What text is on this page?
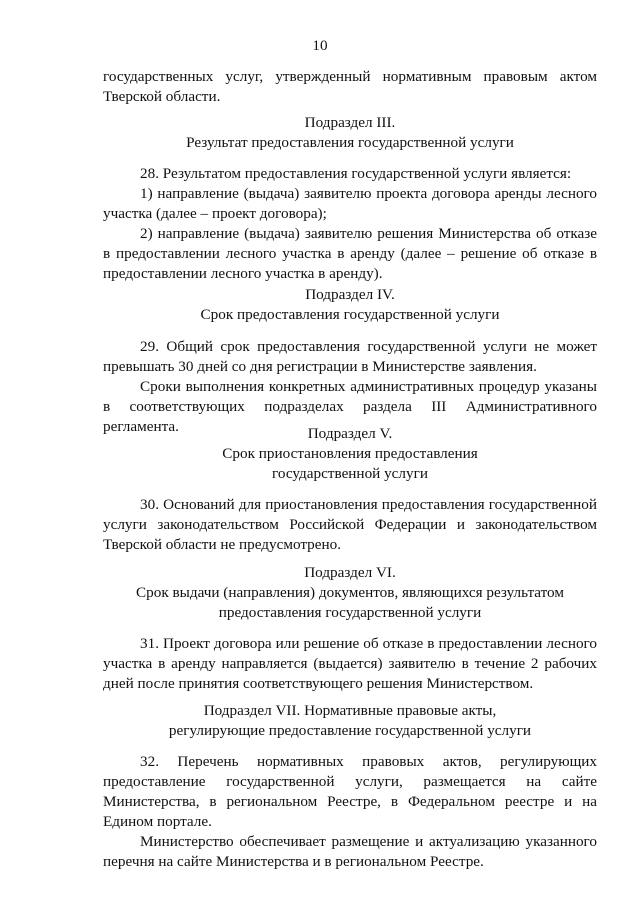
10

государственных услуг, утвержденный нормативным правовым актом

Тверской области.

Подраздел III.

Результат предоставления государственной услуги

28. Результатом предоставления государственной услуги является:

1) направление (выдача) заявителю проекта договора аренды лесного участка (далее – проект договора);

2) направление (выдача) заявителю решения Министерства об отказе в предоставлении лесного участка в аренду (далее – решение об отказе в предоставлении лесного участка в аренду).

Подраздел IV.

Срок предоставления государственной услуги

29. Общий срок предоставления государственной услуги не может превышать 30 дней со дня регистрации в Министерстве заявления.

Сроки выполнения конкретных административных процедур указаны в соответствующих подразделах раздела III Административного регламента.	Подраздел V.

Срок приостановления предоставления

государственной услуги

30. Оснований для приостановления предоставления государственной услуги законодательством Российской Федерации и законодательством Тверской области не предусмотрено.

Подраздел VI.

Срок выдачи (направления) документов, являющихся результатом

предоставления государственной услуги

31. Проект договора или решение об отказе в предоставлении лесного участка в аренду направляется (выдается) заявителю в течение 2 рабочих дней после принятия соответствующего решения Министерством.

Подраздел VII. Нормативные правовые акты,

регулирующие предоставление государственной услуги

32. Перечень нормативных правовых актов, регулирующих предоставление государственной услуги, размещается на сайте Министерства, в региональном Реестре, в Федеральном реестре и на Едином портале.

Министерство обеспечивает размещение и актуализацию указанного перечня на сайте Министерства и в региональном Реестре.
